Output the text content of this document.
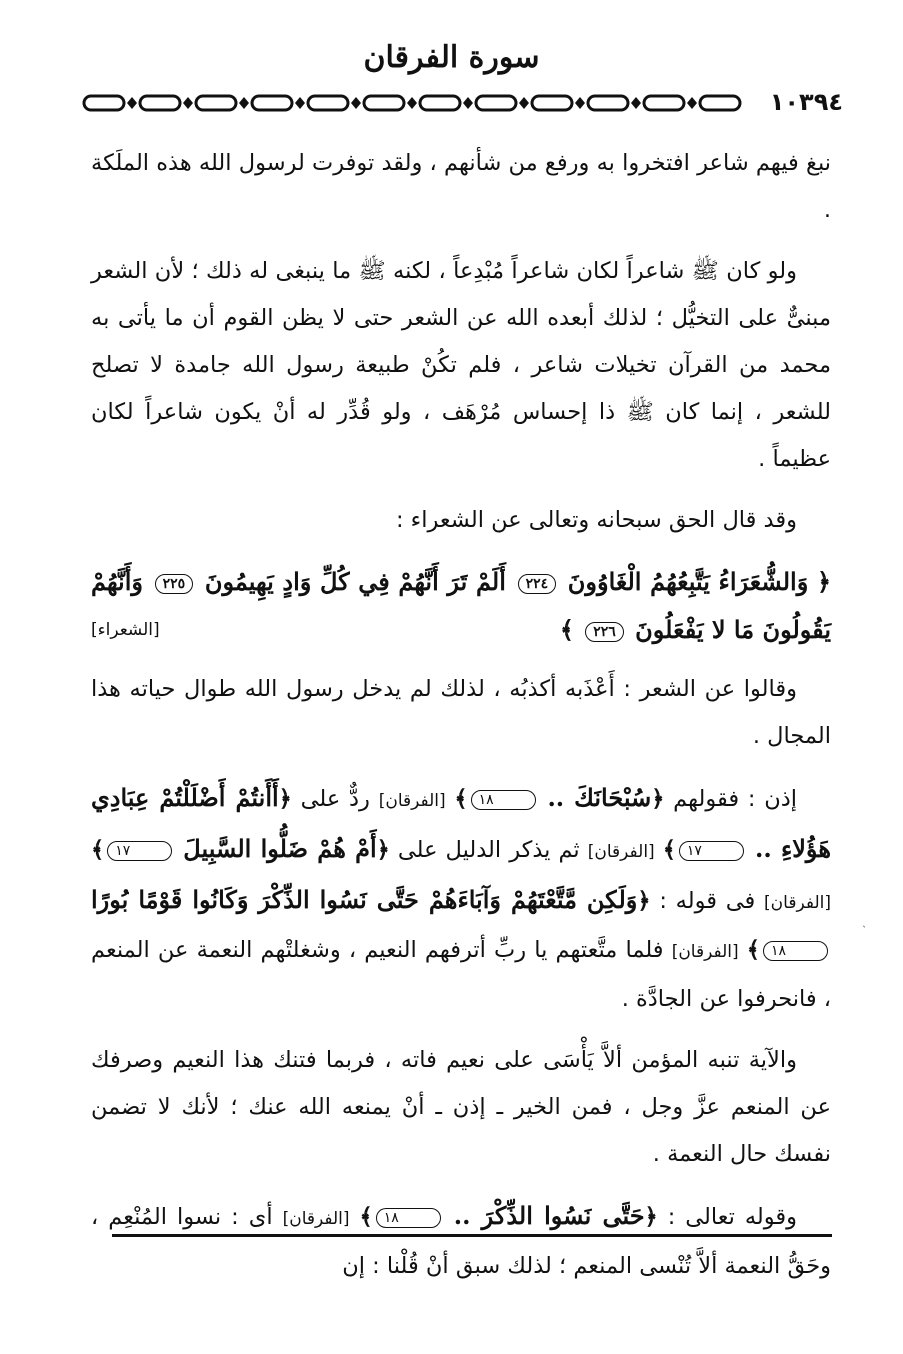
سورة الفرقان
١٠٣٩٤

نبغ فيهم شاعر افتخروا به ورفع من شأنهم ، ولقد توفرت لرسول الله هذه الملَكة .

ولو كان ﷺ شاعراً لكان شاعراً مُبْدِعاً ، لكنه ﷺ ما ينبغى له ذلك ؛ لأن الشعر مبنىٌّ على التخيُّل ؛ لذلك أبعده الله عن الشعر حتى لا يظن القوم أن ما يأتى به محمد من القرآن تخيلات شاعر ، فلم تكُنْ طبيعة رسول الله جامدة لا تصلح للشعر ، إنما كان ﷺ ذا إحساس مُرْهَف ، ولو قُدِّر له أنْ يكون شاعراً لكان عظيماً .

وقد قال الحق سبحانه وتعالى عن الشعراء :

﴿ وَالشُّعَرَاءُ يَتَّبِعُهُمُ الْغَاوُونَ ٢٢٤ أَلَمْ تَرَ أَنَّهُمْ فِي كُلِّ وَادٍ يَهِيمُونَ ٢٢٥ وَأَنَّهُمْ يَقُولُونَ مَا لا يَفْعَلُونَ ٢٢٦ ﴾
[الشعراء]

وقالوا عن الشعر : أَعْذَبه أكذبُه ، لذلك لم يدخل رسول الله طوال حياته هذا المجال .

إذن : فقولهم ﴿سُبْحَانَكَ .. ١٨﴾ [الفرقان] ردٌّ على ﴿أَأَنتُمْ أَضْلَلْتُمْ عِبَادِي هَؤُلاءِ .. ١٧﴾ [الفرقان] ثم يذكر الدليل على ﴿أَمْ هُمْ ضَلُّوا السَّبِيلَ ١٧﴾ [الفرقان] فى قوله : ﴿وَلَكِن مَّتَّعْتَهُمْ وَآبَاءَهُمْ حَتَّى نَسُوا الذِّكْرَ وَكَانُوا قَوْمًا بُورًا ١٨﴾ [الفرقان] فلما متَّعتهم يا ربِّ أترفهم النعيم ، وشغلتْهم النعمة عن المنعم ، فانحرفوا عن الجادَّة .

والآية تنبه المؤمن ألاَّ يَأْسَى على نعيم فاته ، فربما فتنك هذا النعيم وصرفك عن المنعم عزَّ وجل ، فمن الخير ـ إذن ـ أنْ يمنعه الله عنك ؛ لأنك لا تضمن نفسك حال النعمة .

وقوله تعالى : ﴿حَتَّى نَسُوا الذِّكْرَ .. ١٨﴾ [الفرقان] أى : نسوا المُنْعِم ، وحَقُّ النعمة ألاَّ تُنْسى المنعم ؛ لذلك سبق أنْ قُلْنا : إن

˴
